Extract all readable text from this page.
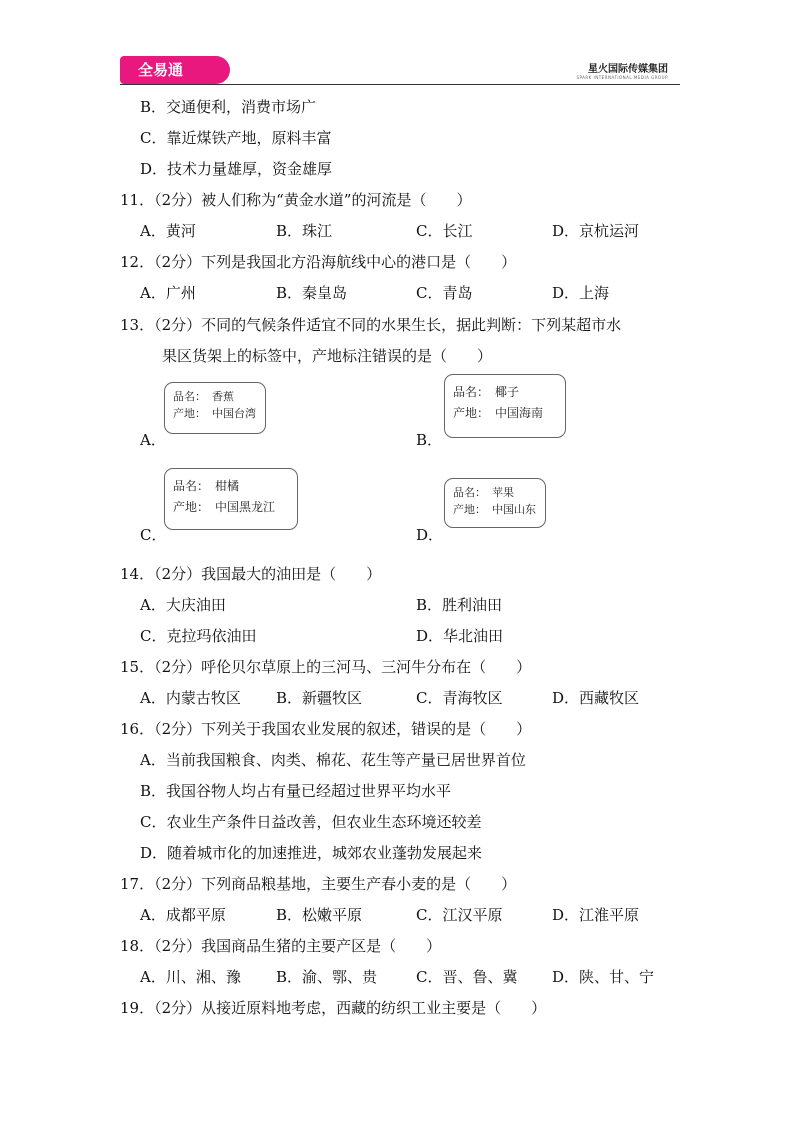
全易通	星火国际传媒集团
SPARK INTERNATIONAL MEDIA GROUP
B．交通便利，消费市场广
C．靠近煤铁产地，原料丰富
D．技术力量雄厚，资金雄厚
11．（2分）被人们称为“黄金水道”的河流是（　　）
A．黄河	B．珠江	C．长江	D．京杭运河
12．（2分）下列是我国北方沿海航线中心的港口是（　　）
A．广州	B．秦皇岛	C．青岛	D．上海
13．（2分）不同的气候条件适宜不同的水果生长，据此判断：下列某超市水
果区货架上的标签中，产地标注错误的是（　　）
A．
品名： 香蕉
产地： 中国台湾
B．
品名： 椰子
产地： 中国海南
C．
品名： 柑橘
产地： 中国黑龙江
D．
品名： 苹果
产地： 中国山东
14．（2分）我国最大的油田是（　　）
A．大庆油田	B．胜利油田
C．克拉玛依油田	D．华北油田
15．（2分）呼伦贝尔草原上的三河马、三河牛分布在（　　）
A．内蒙古牧区 B．新疆牧区	C．青海牧区	D．西藏牧区
16．（2分）下列关于我国农业发展的叙述，错误的是（　　）
A．当前我国粮食、肉类、棉花、花生等产量已居世界首位
B．我国谷物人均占有量已经超过世界平均水平
C．农业生产条件日益改善，但农业生态环境还较差
D．随着城市化的加速推进，城郊农业蓬勃发展起来
17．（2分）下列商品粮基地，主要生产春小麦的是（　　）
A．成都平原	B．松嫩平原	C．江汉平原	D．江淮平原
18．（2分）我国商品生猪的主要产区是（　　）
A．川、湘、豫 B．渝、鄂、贵	C．晋、鲁、冀 D．陕、甘、宁
19．（2分）从接近原料地考虑，西藏的纺织工业主要是（　　）
